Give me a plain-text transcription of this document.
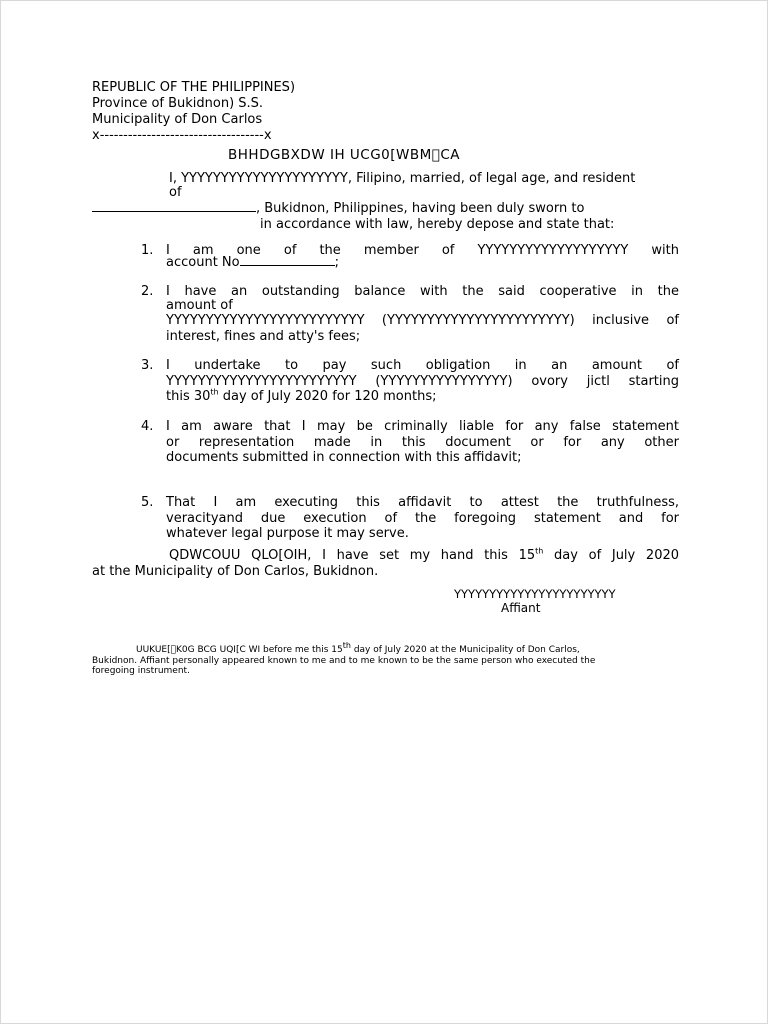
REPUBLIC OF THE PHILIPPINES)
Province of Bukidnon) S.S.
Municipality of Don Carlos
x-----------------------------------x
BHHDGBXDW IH UCG0[WBM CA
I, YYYYYYYYYYYYYYYYYYYYY, Filipino, married, of legal age, and resident of
, Bukidnon, Philippines, having been duly sworn to
in accordance with law, hereby depose and state that:
1. I am one of the member of YYYYYYYYYYYYYYYYYYY with
account No	;
2. I have an outstanding balance with the said cooperative in the
amount of
YYYYYYYYYYYYYYYYYYYYYYYYY (YYYYYYYYYYYYYYYYYYYYYYY) inclusive of
interest, fines and atty's fees;
3. I undertake to pay such obligation in an amount of
YYYYYYYYYYYYYYYYYYYYYYYY (YYYYYYYYYYYYYYYY) ovory jictl starting
this 30th day of July 2020 for 120 months;
4. I am aware that I may be criminally liable for any false statement
or representation made in this document or for any other
documents submitted in connection with this affidavit;
5. That I am executing this affidavit to attest the truthfulness,
veracityand due execution of the foregoing statement and for
whatever legal purpose it may serve.
QDWCOUU QLO[OIH, I have set my hand this 15th day of July 2020
at the Municipality of Don Carlos, Bukidnon.
YYYYYYYYYYYYYYYYYYYYYYY
Affiant
UUKUE[ K0G BCG UQI[C WI before me this 15th day of July 2020 at the Municipality of Don Carlos,
Bukidnon. Affiant personally appeared known to me and to me known to be the same person who executed the
foregoing instrument.
